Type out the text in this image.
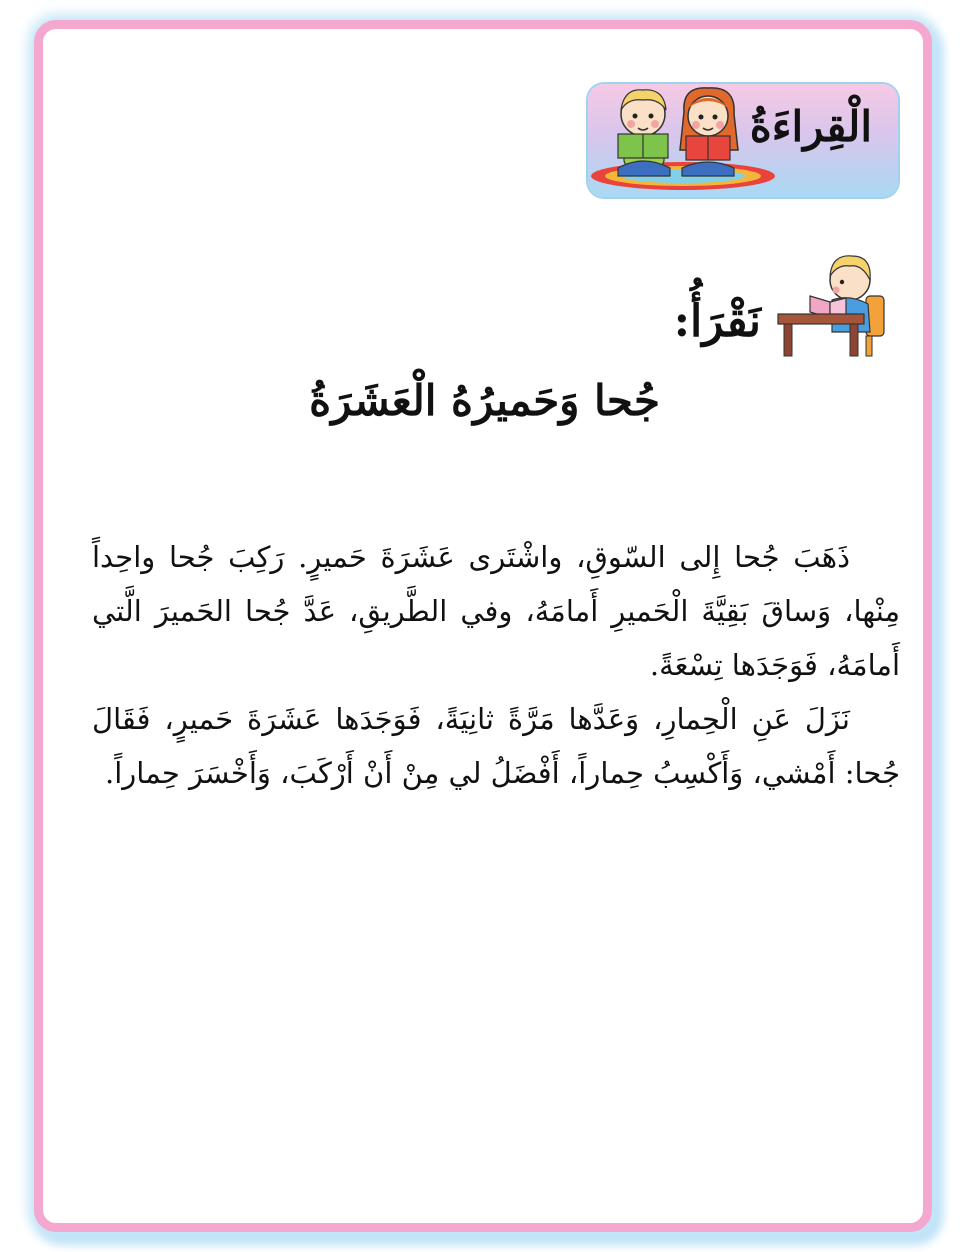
الْقِراءَةُ
نَقْرَأُ:
جُحا وَحَميرُهُ الْعَشَرَةُ

ذَهَبَ جُحا إِلى السّوقِ، واشْتَرى عَشَرَةَ حَميرٍ. رَكِبَ جُحا واحِداً مِنْها، وَساقَ بَقِيَّةَ الْحَميرِ أَمامَهُ، وفي الطَّريقِ، عَدَّ جُحا الحَميرَ الَّتي أَمامَهُ، فَوَجَدَها تِسْعَةً.

نَزَلَ عَنِ الْحِمارِ، وَعَدَّها مَرَّةً ثانِيَةً، فَوَجَدَها عَشَرَةَ حَميرٍ، فَقَالَ جُحا: أَمْشي، وَأَكْسِبُ حِماراً، أَفْضَلُ لي مِنْ أَنْ أَرْكَبَ، وَأَخْسَرَ حِماراً.
